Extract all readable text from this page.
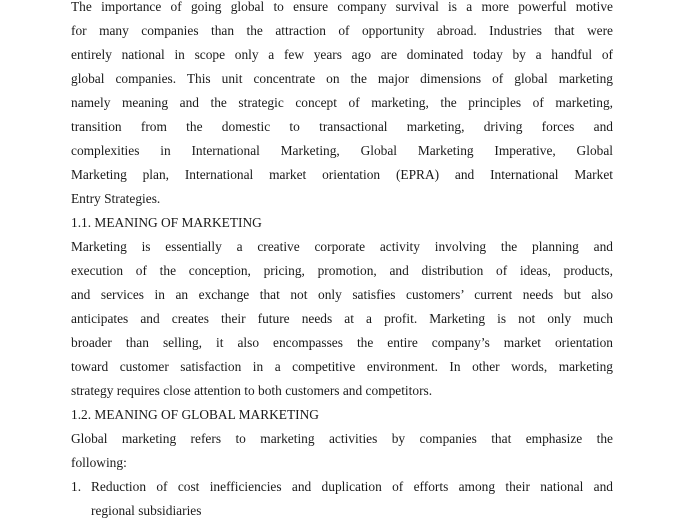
The importance of going global to ensure company survival is a more powerful motive
for many companies than the attraction of opportunity abroad. Industries that were
entirely national in scope only a few years ago are dominated today by a handful of
global companies. This unit concentrate on the major dimensions of global marketing
namely meaning and the strategic concept of marketing, the principles of marketing,
transition from the domestic to transactional marketing, driving forces and
complexities in International Marketing, Global Marketing Imperative, Global
Marketing plan, International market orientation (EPRA) and International Market
Entry Strategies.
1.1. MEANING OF MARKETING
Marketing is essentially a creative corporate activity involving the planning and
execution of the conception, pricing, promotion, and distribution of ideas, products,
and services in an exchange that not only satisfies customers’ current needs but also
anticipates and creates their future needs at a profit. Marketing is not only much
broader than selling, it also encompasses the entire company’s market orientation
toward customer satisfaction in a competitive environment. In other words, marketing
strategy requires close attention to both customers and competitors.
1.2. MEANING OF GLOBAL MARKETING
Global marketing refers to marketing activities by companies that emphasize the
following:
1. Reduction of cost inefficiencies and duplication of efforts among their national and
regional subsidiaries
